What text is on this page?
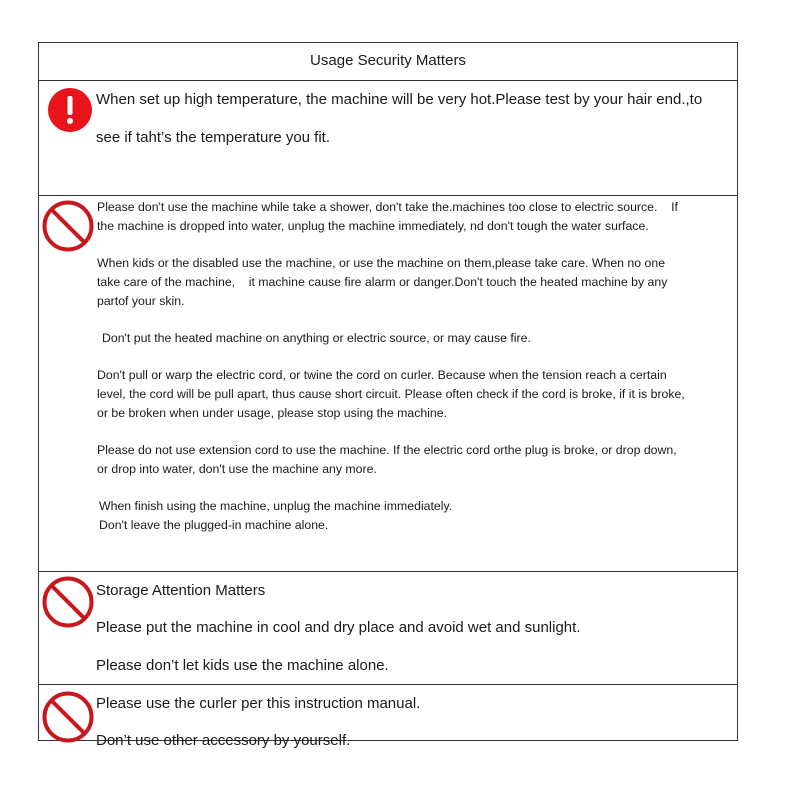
Usage Security Matters
When set up high temperature, the machine will be very hot.Please test by your hair end.,to
see if taht’s the temperature you fit.
Please don't use the machine while take a shower, don't take the.machines too close to electric source.    If
the machine is dropped into water, unplug the machine immediately, nd don't tough the water surface.
When kids or the disabled use the machine, or use the machine on them,please take care. When no one
take care of the machine,    it machine cause fire alarm or danger.Don't touch the heated machine by any
partof your skin.
Don't put the heated machine on anything or electric source, or may cause fire.
Don't pull or warp the electric cord, or twine the cord on curler. Because when the tension reach a certain
level, the cord will be pull apart, thus cause short circuit. Please often check if the cord is broke, if it is broke,
or be broken when under usage, please stop using the machine.
Please do not use extension cord to use the machine. If the electric cord orthe plug is broke, or drop down,
or drop into water, don't use the machine any more.
When finish using the machine, unplug the machine immediately.
Don't leave the plugged-in machine alone.
Storage Attention Matters
Please put the machine in cool and dry place and avoid wet and sunlight.
Please don’t let kids use the machine alone.
Please use the curler per this instruction manual.
Don’t use other accessory by yourself.
